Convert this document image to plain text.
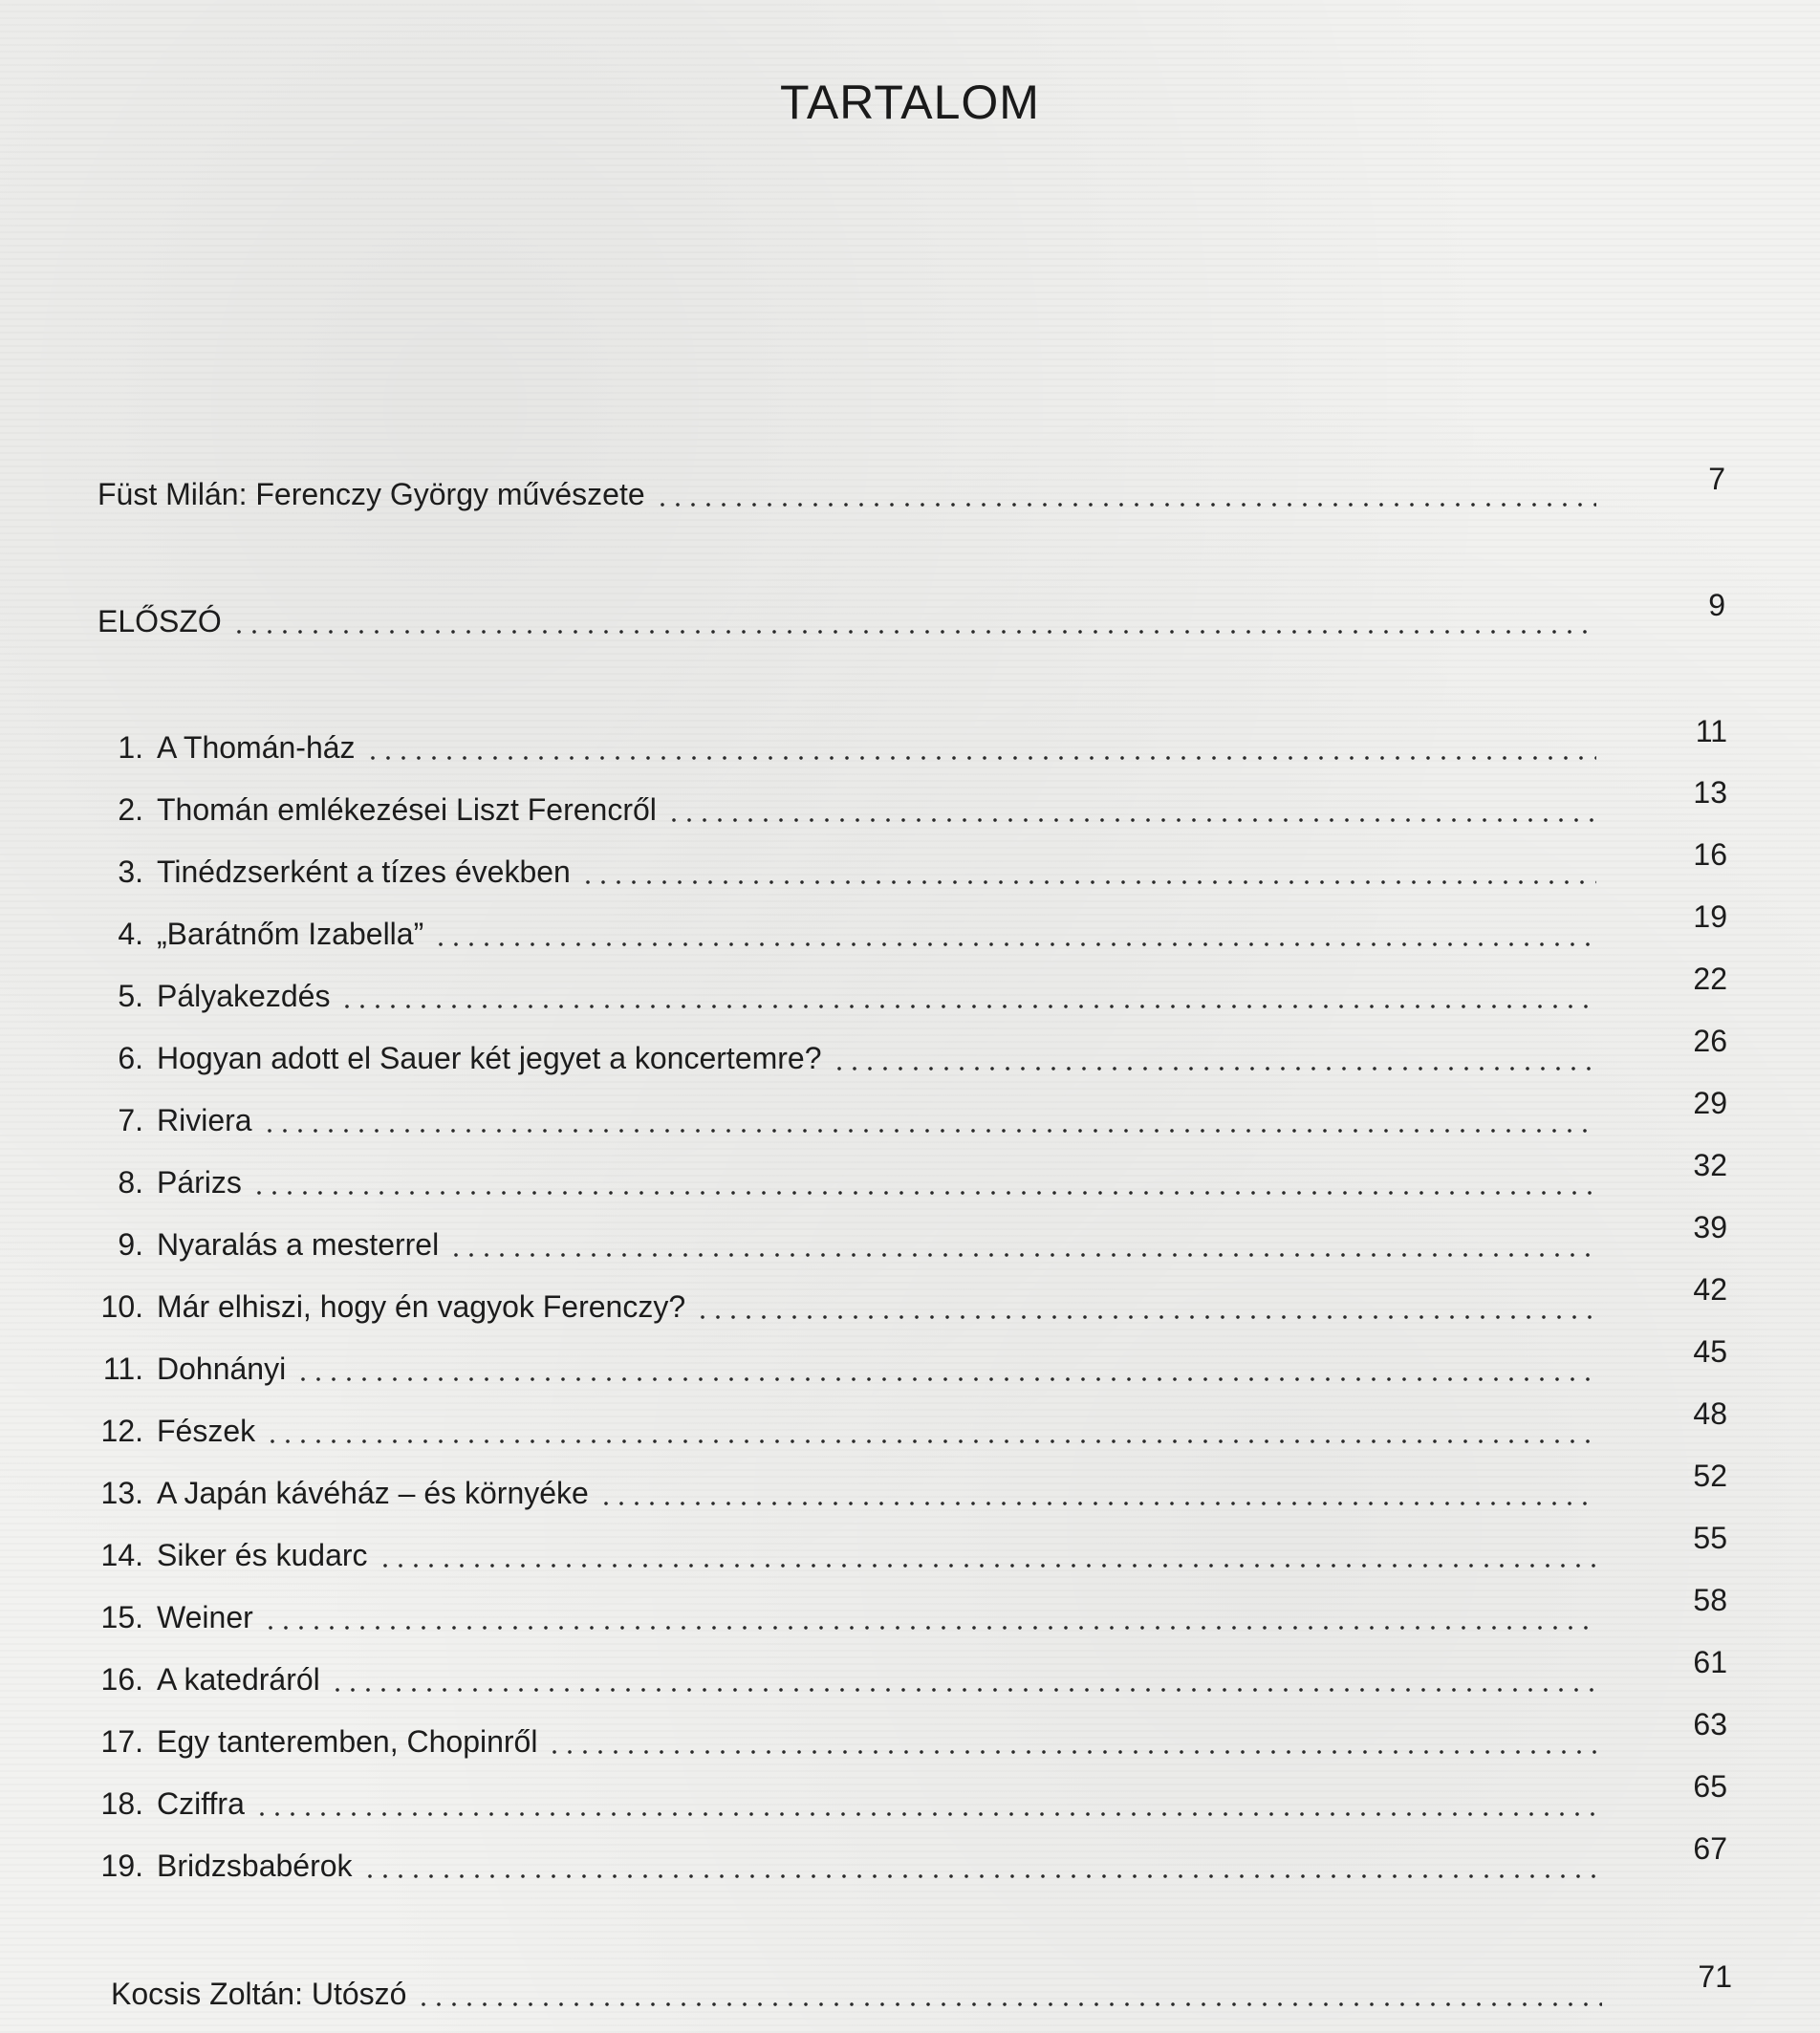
TARTALOM
Füst Milán: Ferenczy György művészete	7
ELŐSZÓ	9
1. A Thomán-ház	11
2. Thomán emlékezései Liszt Ferencről	13
3. Tinédzserként a tízes években	16
4. „Barátnőm Izabella”	19
5. Pályakezdés	22
6. Hogyan adott el Sauer két jegyet a koncertemre?	26
7. Riviera	29
8. Párizs	32
9. Nyaralás a mesterrel	39
10. Már elhiszi, hogy én vagyok Ferenczy?	42
11. Dohnányi	45
12. Fészek	48
13. A Japán kávéház – és környéke	52
14. Siker és kudarc	55
15. Weiner	58
16. A katedráról	61
17. Egy tanteremben, Chopinről	63
18. Cziffra	65
19. Bridzsbabérok	67
Kocsis Zoltán: Utószó	71
